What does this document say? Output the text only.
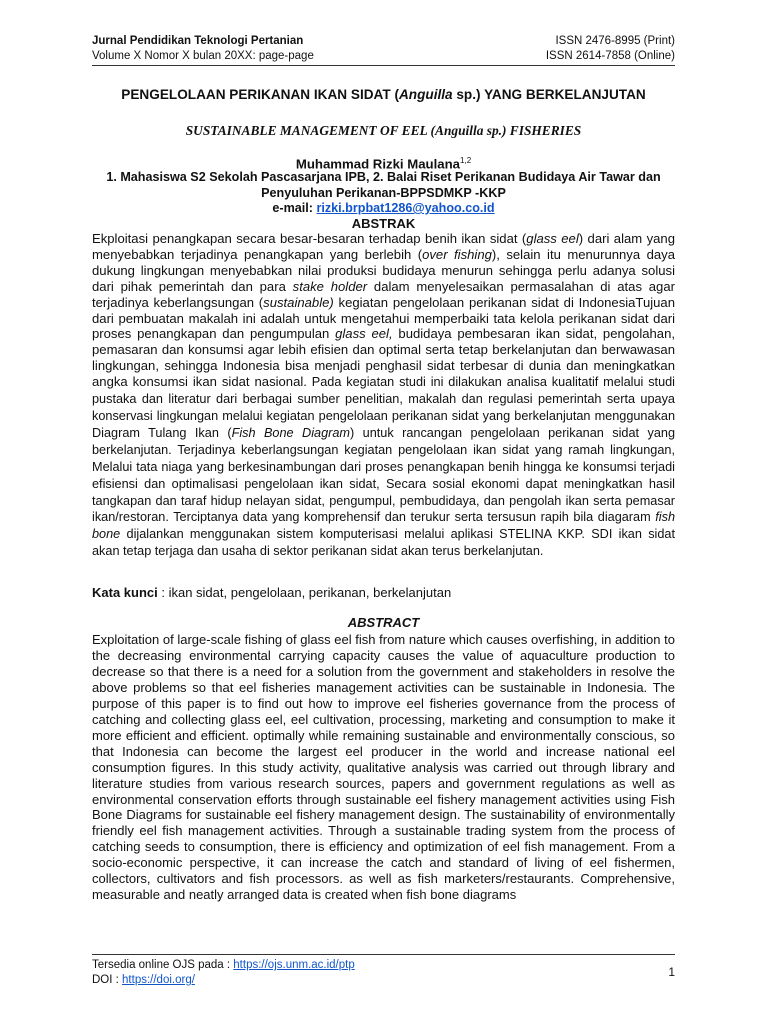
Jurnal Pendidikan Teknologi Pertanian	ISSN 2476-8995 (Print)
Volume X Nomor X bulan 20XX: page-page	ISSN 2614-7858 (Online)
PENGELOLAAN PERIKANAN IKAN SIDAT (Anguilla sp.) YANG BERKELANJUTAN
SUSTAINABLE MANAGEMENT OF EEL (Anguilla sp.) FISHERIES
Muhammad Rizki Maulana$^{1,2}$
1. Mahasiswa S2 Sekolah Pascasarjana IPB, 2. Balai Riset Perikanan Budidaya Air Tawar dan Penyuluhan Perikanan-BPPSDMKP -KKP
e-mail: rizki.brpbat1286@yahoo.co.id
ABSTRAK
Ekploitasi penangkapan secara besar-besaran terhadap benih ikan sidat (glass eel) dari alam yang menyebabkan terjadinya penangkapan yang berlebih (over fishing), selain itu menurunnya daya dukung lingkungan menyebabkan nilai produksi budidaya menurun sehingga perlu adanya solusi dari pihak pemerintah dan para stake holder dalam menyelesaikan permasalahan di atas agar terjadinya keberlangsungan (sustainable) kegiatan pengelolaan perikanan sidat di IndonesiaTujuan dari pembuatan makalah ini adalah untuk mengetahui memperbaiki tata kelola perikanan sidat dari proses penangkapan dan pengumpulan glass eel, budidaya pembesaran ikan sidat, pengolahan, pemasaran dan konsumsi agar lebih efisien dan optimal serta tetap berkelanjutan dan berwawasan lingkungan, sehingga Indonesia bisa menjadi penghasil sidat terbesar di dunia dan meningkatkan angka konsumsi ikan sidat nasional. Pada kegiatan studi ini dilakukan analisa kualitatif melalui studi pustaka dan literatur dari berbagai sumber penelitian, makalah dan regulasi pemerintah serta upaya konservasi lingkungan melalui kegiatan pengelolaan perikanan sidat yang berkelanjutan menggunakan Diagram Tulang Ikan (Fish Bone Diagram) untuk rancangan pengelolaan perikanan sidat yang berkelanjutan. Terjadinya keberlangsungan kegiatan pengelolaan ikan sidat yang ramah lingkungan, Melalui tata niaga yang berkesinambungan dari proses penangkapan benih hingga ke konsumsi terjadi efisiensi dan optimalisasi pengelolaan ikan sidat, Secara sosial ekonomi dapat meningkatkan hasil tangkapan dan taraf hidup nelayan sidat, pengumpul, pembudidaya, dan pengolah ikan serta pemasar ikan/restoran. Terciptanya data yang komprehensif dan terukur serta tersusun rapih bila diagaram fish bone dijalankan menggunakan sistem komputerisasi melalui aplikasi STELINA KKP. SDI ikan sidat akan tetap terjaga dan usaha di sektor perikanan sidat akan terus berkelanjutan.
Kata kunci : ikan sidat, pengelolaan, perikanan, berkelanjutan
ABSTRACT
Exploitation of large-scale fishing of glass eel fish from nature which causes overfishing, in addition to the decreasing environmental carrying capacity causes the value of aquaculture production to decrease so that there is a need for a solution from the government and stakeholders in resolve the above problems so that eel fisheries management activities can be sustainable in Indonesia. The purpose of this paper is to find out how to improve eel fisheries governance from the process of catching and collecting glass eel, eel cultivation, processing, marketing and consumption to make it more efficient and efficient. optimally while remaining sustainable and environmentally conscious, so that Indonesia can become the largest eel producer in the world and increase national eel consumption figures. In this study activity, qualitative analysis was carried out through library and literature studies from various research sources, papers and government regulations as well as environmental conservation efforts through sustainable eel fishery management activities using Fish Bone Diagrams for sustainable eel fishery management design. The sustainability of environmentally friendly eel fish management activities. Through a sustainable trading system from the process of catching seeds to consumption, there is efficiency and optimization of eel fish management. From a socio-economic perspective, it can increase the catch and standard of living of eel fishermen, collectors, cultivators and fish processors. as well as fish marketers/restaurants. Comprehensive, measurable and neatly arranged data is created when fish bone diagrams
Tersedia online OJS pada : https://ojs.unm.ac.id/ptp
DOI : https://doi.org/
1
